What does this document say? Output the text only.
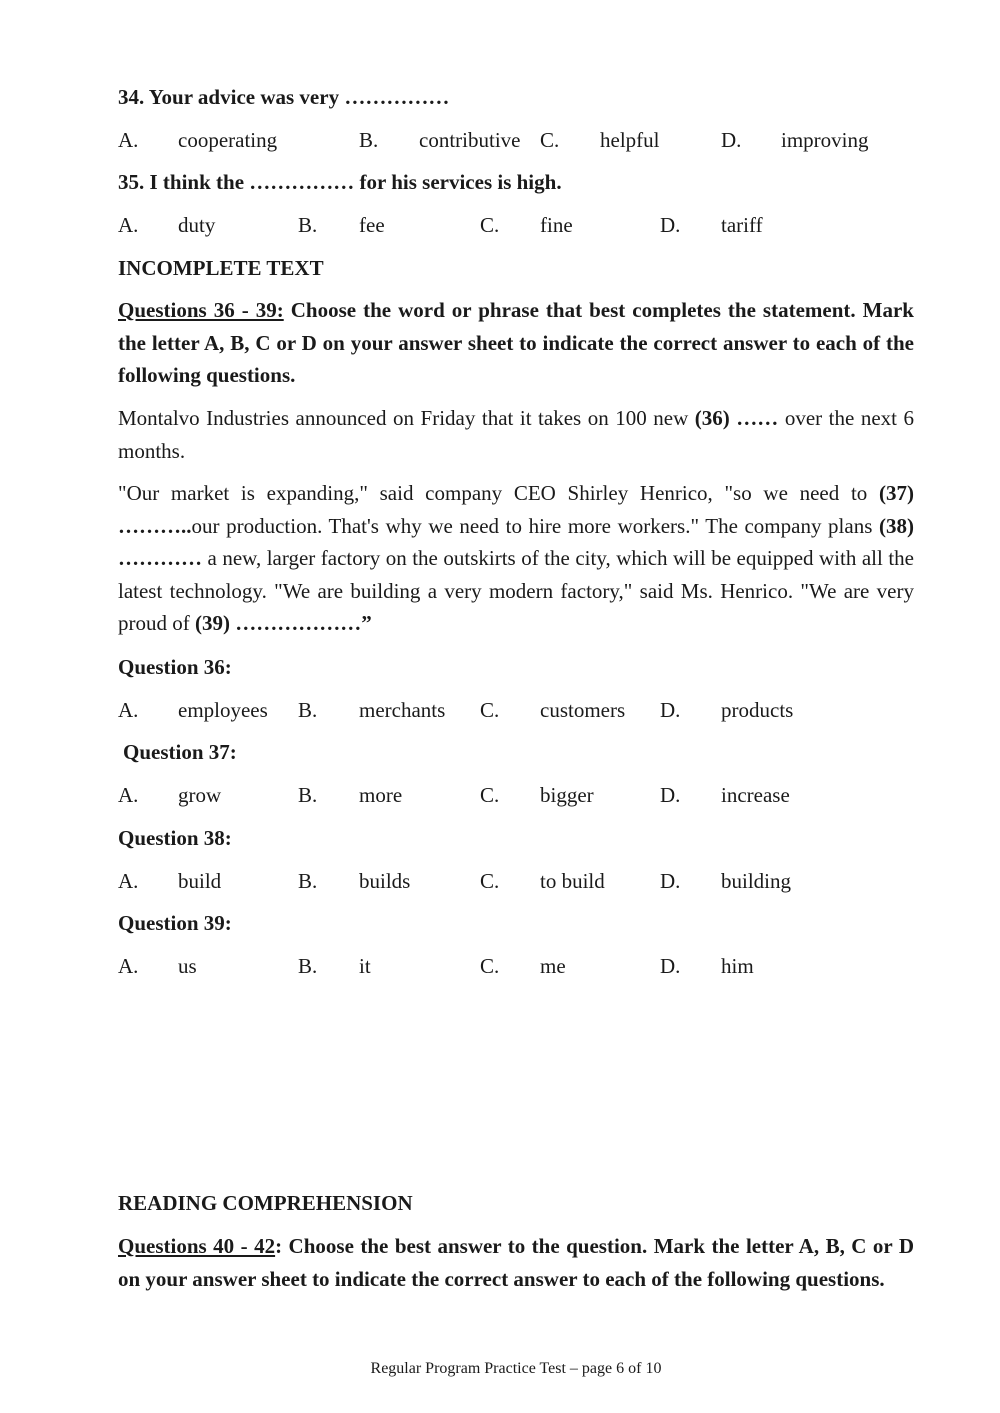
34. Your advice was very ……………
A. cooperating	B. contributive C. helpful	D. improving
35. I think the …………… for his services is high.
A. duty	B. fee	C. fine	D. tariff
INCOMPLETE TEXT
Questions 36 - 39: Choose the word or phrase that best completes the statement. Mark the letter A, B, C or D on your answer sheet to indicate the correct answer to each of the following questions.
Montalvo Industries announced on Friday that it takes on 100 new (36) …… over the next 6 months.
"Our market is expanding," said company CEO Shirley Henrico, "so we need to (37) ………..our production. That's why we need to hire more workers." The company plans (38) ………… a new, larger factory on the outskirts of the city, which will be equipped with all the latest technology. "We are building a very modern factory," said Ms. Henrico. "We are very proud of (39) ………………”
Question 36:
A. employees B. merchants C. customers D. products
Question 37:
A. grow	B. more	C. bigger	D. increase
Question 38:
A. build	B. builds	C. to build	D. building
Question 39:
A. us	B. it	C. me	D. him
READING COMPREHENSION
Questions 40 - 42: Choose the best answer to the question. Mark the letter A, B, C or D on your answer sheet to indicate the correct answer to each of the following questions.
Regular Program Practice Test – page 6 of 10
